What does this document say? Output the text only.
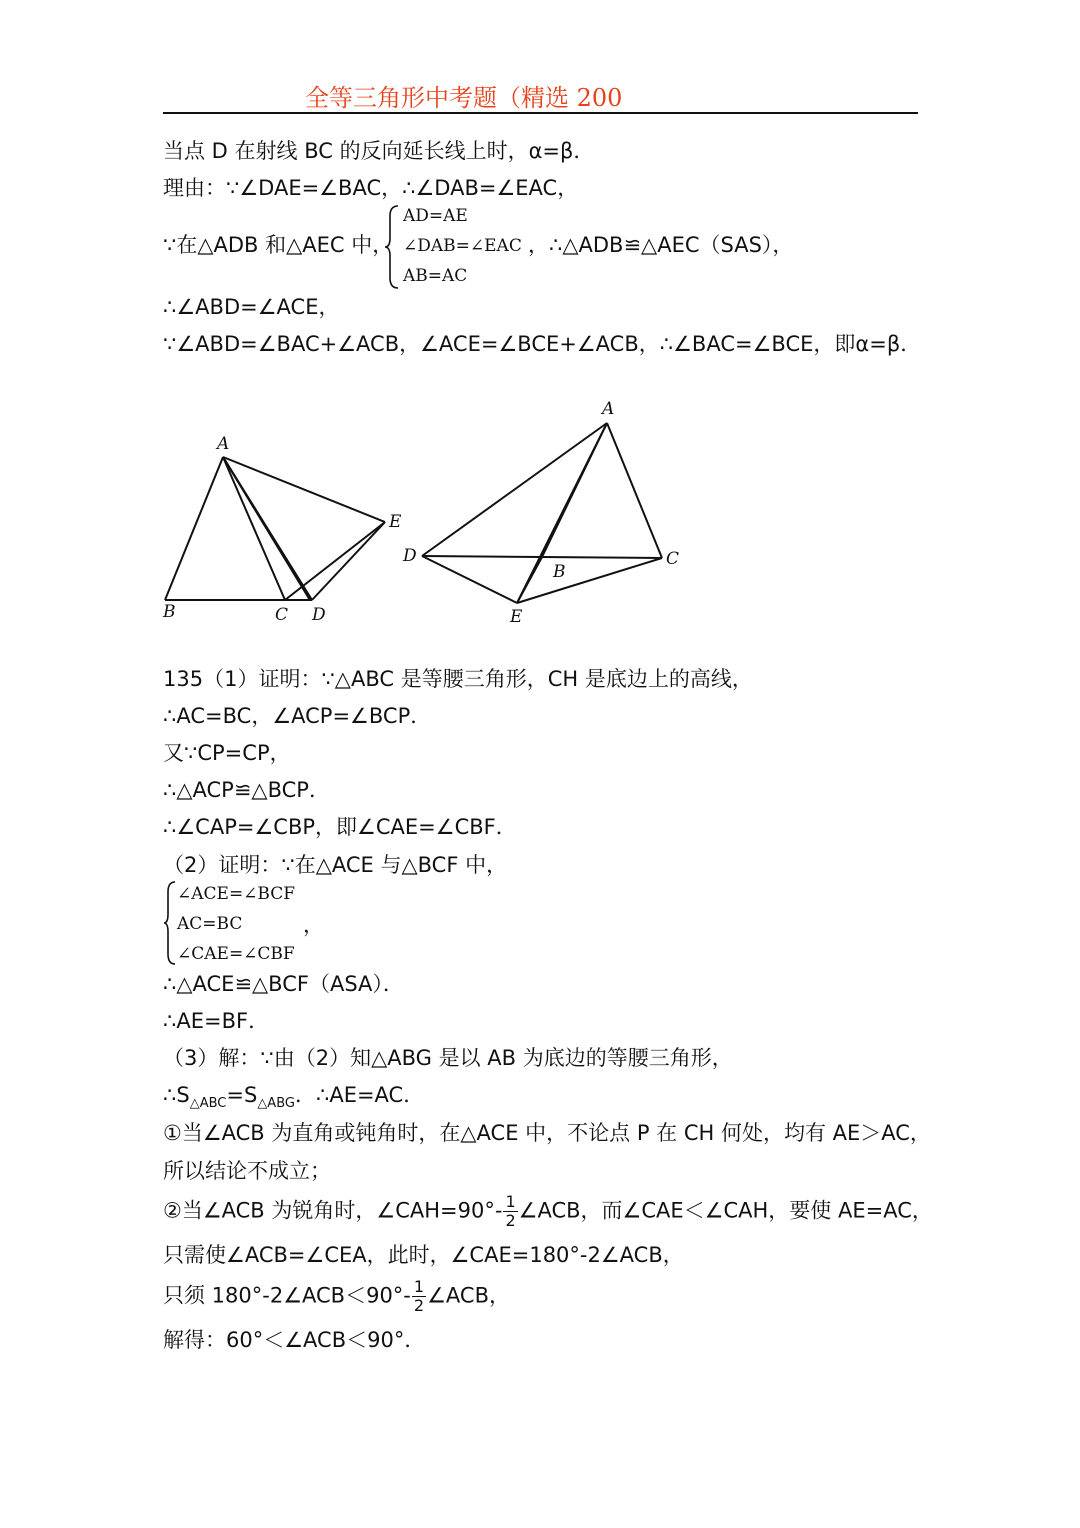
全等三角形中考题（精选 200
当点 D 在射线 BC 的反向延长线上时，α=β．
理由：∵∠DAE=∠BAC，∴∠DAB=∠EAC，
∵在△ADB 和△AEC 中，
AD=AE
∠DAB=∠EAC
AB=AC
，∴△ADB≌△AEC（SAS），
∴∠ABD=∠ACE，
∵∠ABD=∠BAC+∠ACB，∠ACE=∠BCE+∠ACB，∴∠BAC=∠BCE，即α=β．
A
B	C D
E
A
B
C
D
E
135（1）证明：∵△ABC 是等腰三角形，CH 是底边上的高线，
∴AC=BC，∠ACP=∠BCP．
又∵CP=CP，
∴△ACP≌△BCP．
∴∠CAP=∠CBP，即∠CAE=∠CBF．
（2）证明：∵在△ACE 与△BCF 中，
∠ACE=∠BCF
AC=BC
∠CAE=∠CBF
，
∴△ACE≌△BCF（ASA）．
∴AE=BF．
（3）解：∵由（2）知△ABG 是以 AB 为底边的等腰三角形，
$\therefore S_{\triangle ABC}=S_{\triangle ABG}$．∴AE=AC．
①当∠ACB 为直角或钝角时，在△ACE 中，不论点 P 在 CH 何处，均有 AE＞AC，
所以结论不成立；
②当∠ACB 为锐角时，∠CAH=90°- $\frac{1}{2}$ ∠ACB，而∠CAE＜∠CAH，要使 AE=AC，
只需使∠ACB=∠CEA，此时，∠CAE=180°-2∠ACB，
只须 180°-2∠ACB＜90°- $\frac{1}{2}$ ∠ACB，
解得：60°＜∠ACB＜90°．
